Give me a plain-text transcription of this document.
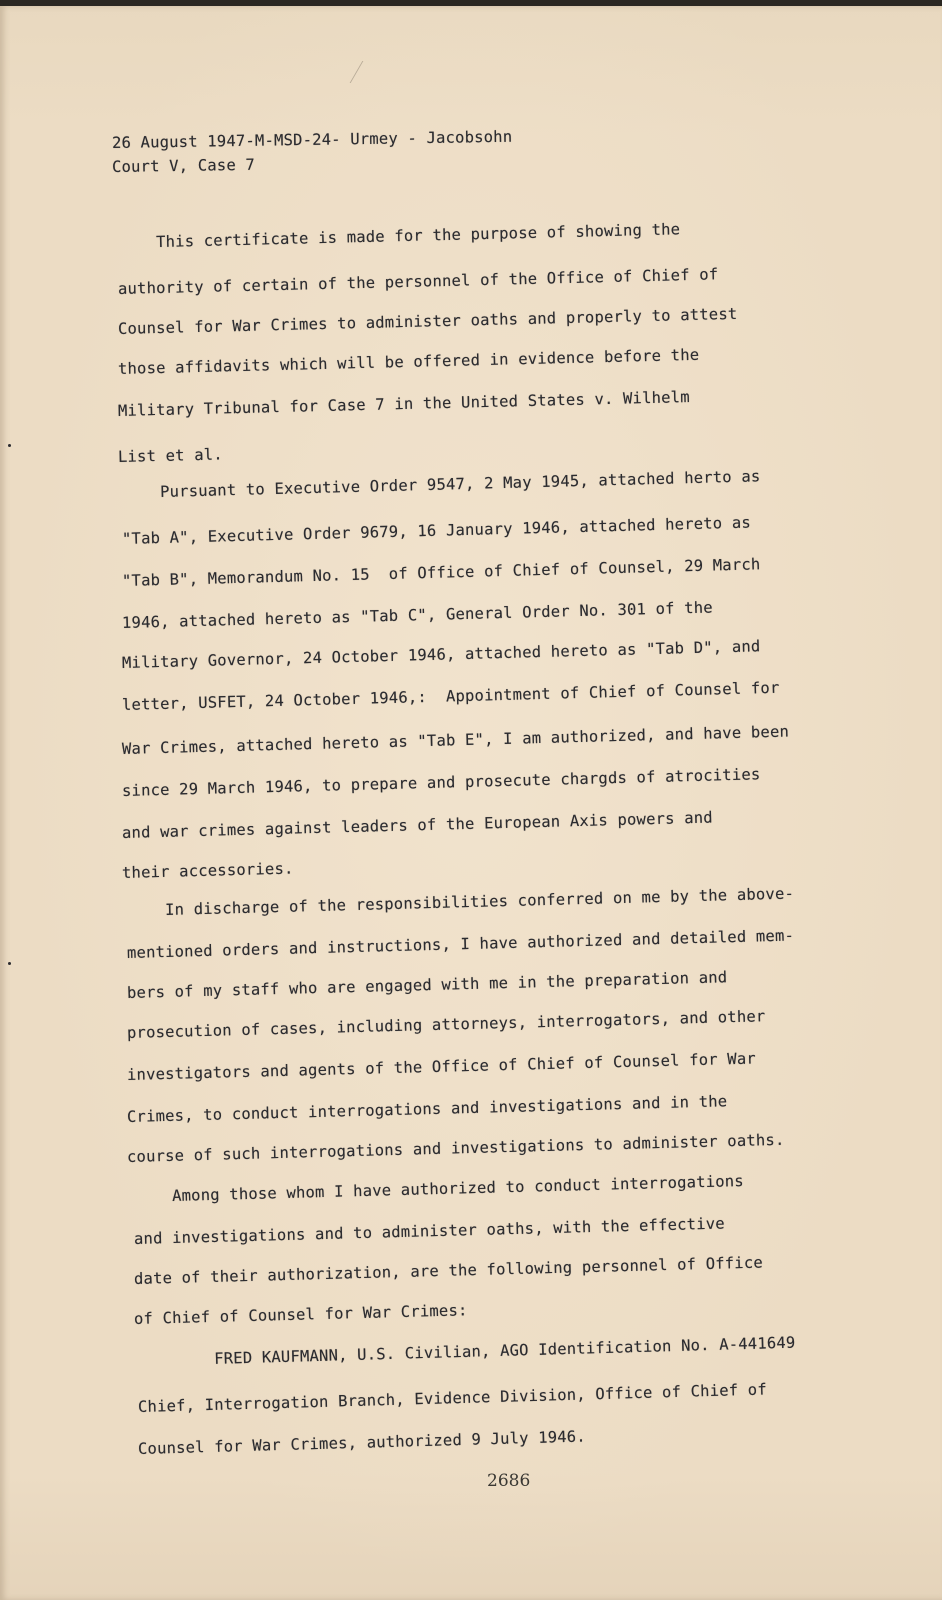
26 August 1947-M-MSD-24- Urmey - Jacobsohn

Court V, Case 7

This certificate is made for the purpose of showing the

authority of certain of the personnel of the Office of Chief of

Counsel for War Crimes to administer oaths and properly to attest

those affidavits which will be offered in evidence before the

Military Tribunal for Case 7 in the United States v. Wilhelm

List et al.

Pursuant to Executive Order 9547, 2 May 1945, attached herto as

"Tab A", Executive Order 9679, 16 January 1946, attached hereto as

"Tab B", Memorandum No. 15  of Office of Chief of Counsel, 29 March

1946, attached hereto as "Tab C", General Order No. 301 of the

Military Governor, 24 October 1946, attached hereto as "Tab D", and

letter, USFET, 24 October 1946,:  Appointment of Chief of Counsel for

War Crimes, attached hereto as "Tab E", I am authorized, and have been

since 29 March 1946, to prepare and prosecute chargds of atrocities

and war crimes against leaders of the European Axis powers and

their accessories.

In discharge of the responsibilities conferred on me by the above-

mentioned orders and instructions, I have authorized and detailed mem-

bers of my staff who are engaged with me in the preparation and

prosecution of cases, including attorneys, interrogators, and other

investigators and agents of the Office of Chief of Counsel for War

Crimes, to conduct interrogations and investigations and in the

course of such interrogations and investigations to administer oaths.

Among those whom I have authorized to conduct interrogations

and investigations and to administer oaths, with the effective

date of their authorization, are the following personnel of Office

of Chief of Counsel for War Crimes:

FRED KAUFMANN, U.S. Civilian, AGO Identification No. A-441649

Chief, Interrogation Branch, Evidence Division, Office of Chief of

Counsel for War Crimes, authorized 9 July 1946.

2686
